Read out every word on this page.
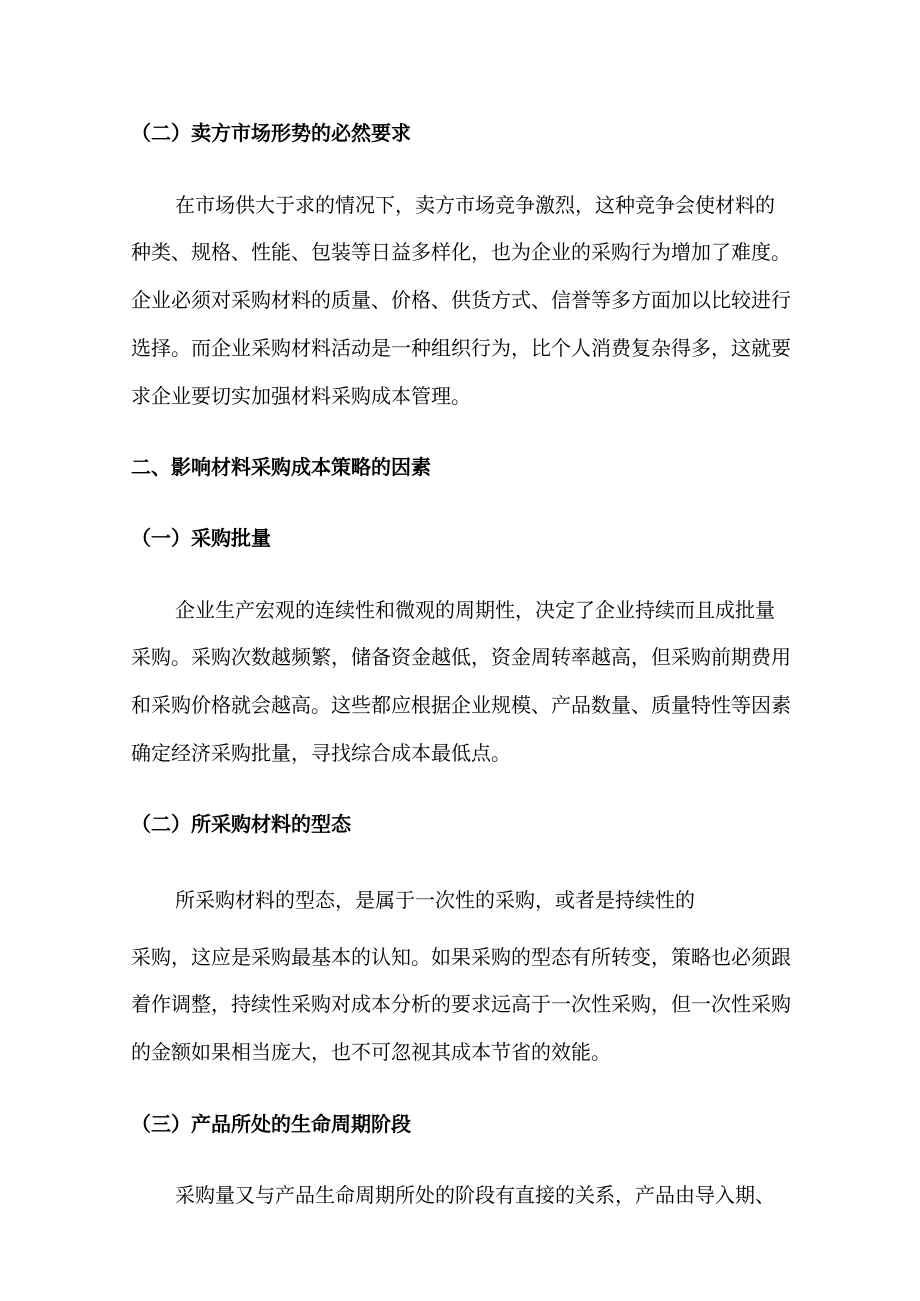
（二）卖方市场形势的必然要求
在市场供大于求的情况下，卖方市场竞争激烈，这种竞争会使材料的
种类、规格、性能、包装等日益多样化，也为企业的采购行为增加了难度。
企业必须对采购材料的质量、价格、供货方式、信誉等多方面加以比较进行
选择。而企业采购材料活动是一种组织行为，比个人消费复杂得多，这就要
求企业要切实加强材料采购成本管理。
二、影响材料采购成本策略的因素
（一）采购批量
企业生产宏观的连续性和微观的周期性，决定了企业持续而且成批量
采购。采购次数越频繁，储备资金越低，资金周转率越高，但采购前期费用
和采购价格就会越高。这些都应根据企业规模、产品数量、质量特性等因素
确定经济采购批量，寻找综合成本最低点。
（二）所采购材料的型态
所采购材料的型态，是属于一次性的采购，或者是持续性的
采购，这应是采购最基本的认知。如果采购的型态有所转变，策略也必须跟
着作调整，持续性采购对成本分析的要求远高于一次性采购，但一次性采购
的金额如果相当庞大，也不可忽视其成本节省的效能。
（三）产品所处的生命周期阶段
采购量又与产品生命周期所处的阶段有直接的关系，产品由导入期、
